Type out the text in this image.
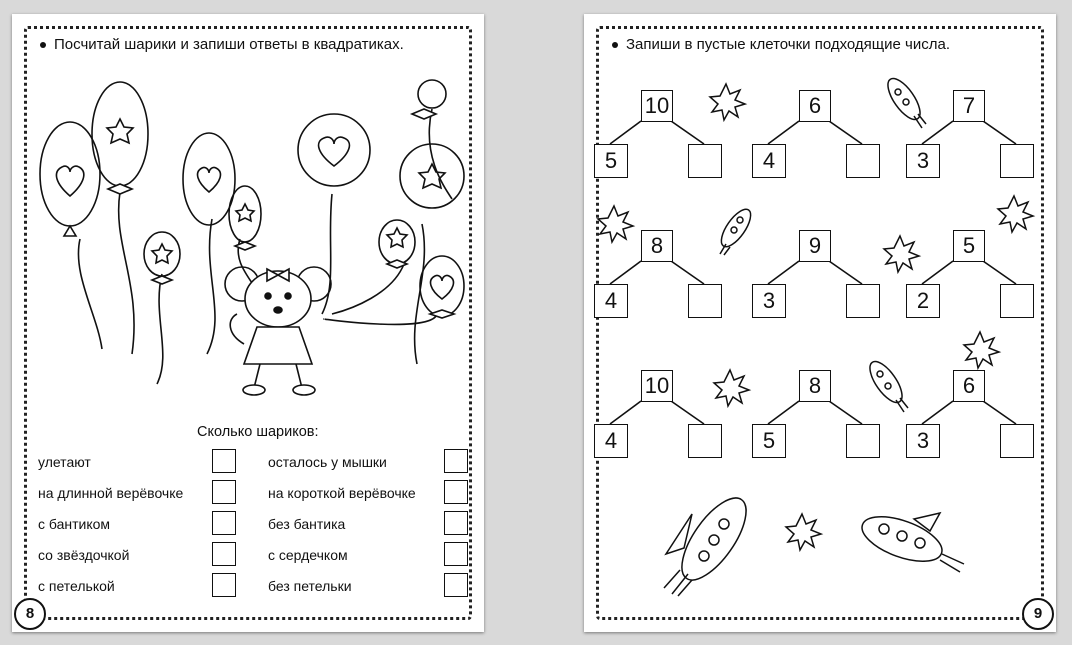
Посчитай шарики и запиши ответы в квадратиках.
Сколько шариков:
улетают
на длинной верёвочке
с бантиком
со звёздочкой
с петелькой
осталось у мышки
на короткой верёвочке
без бантика
с сердечком
без петельки
8
Запиши в пустые клеточки подходящие числа.
10
5
6
4
7
3
8
4
9
3
5
2
10
4
8
5
6
3
9
